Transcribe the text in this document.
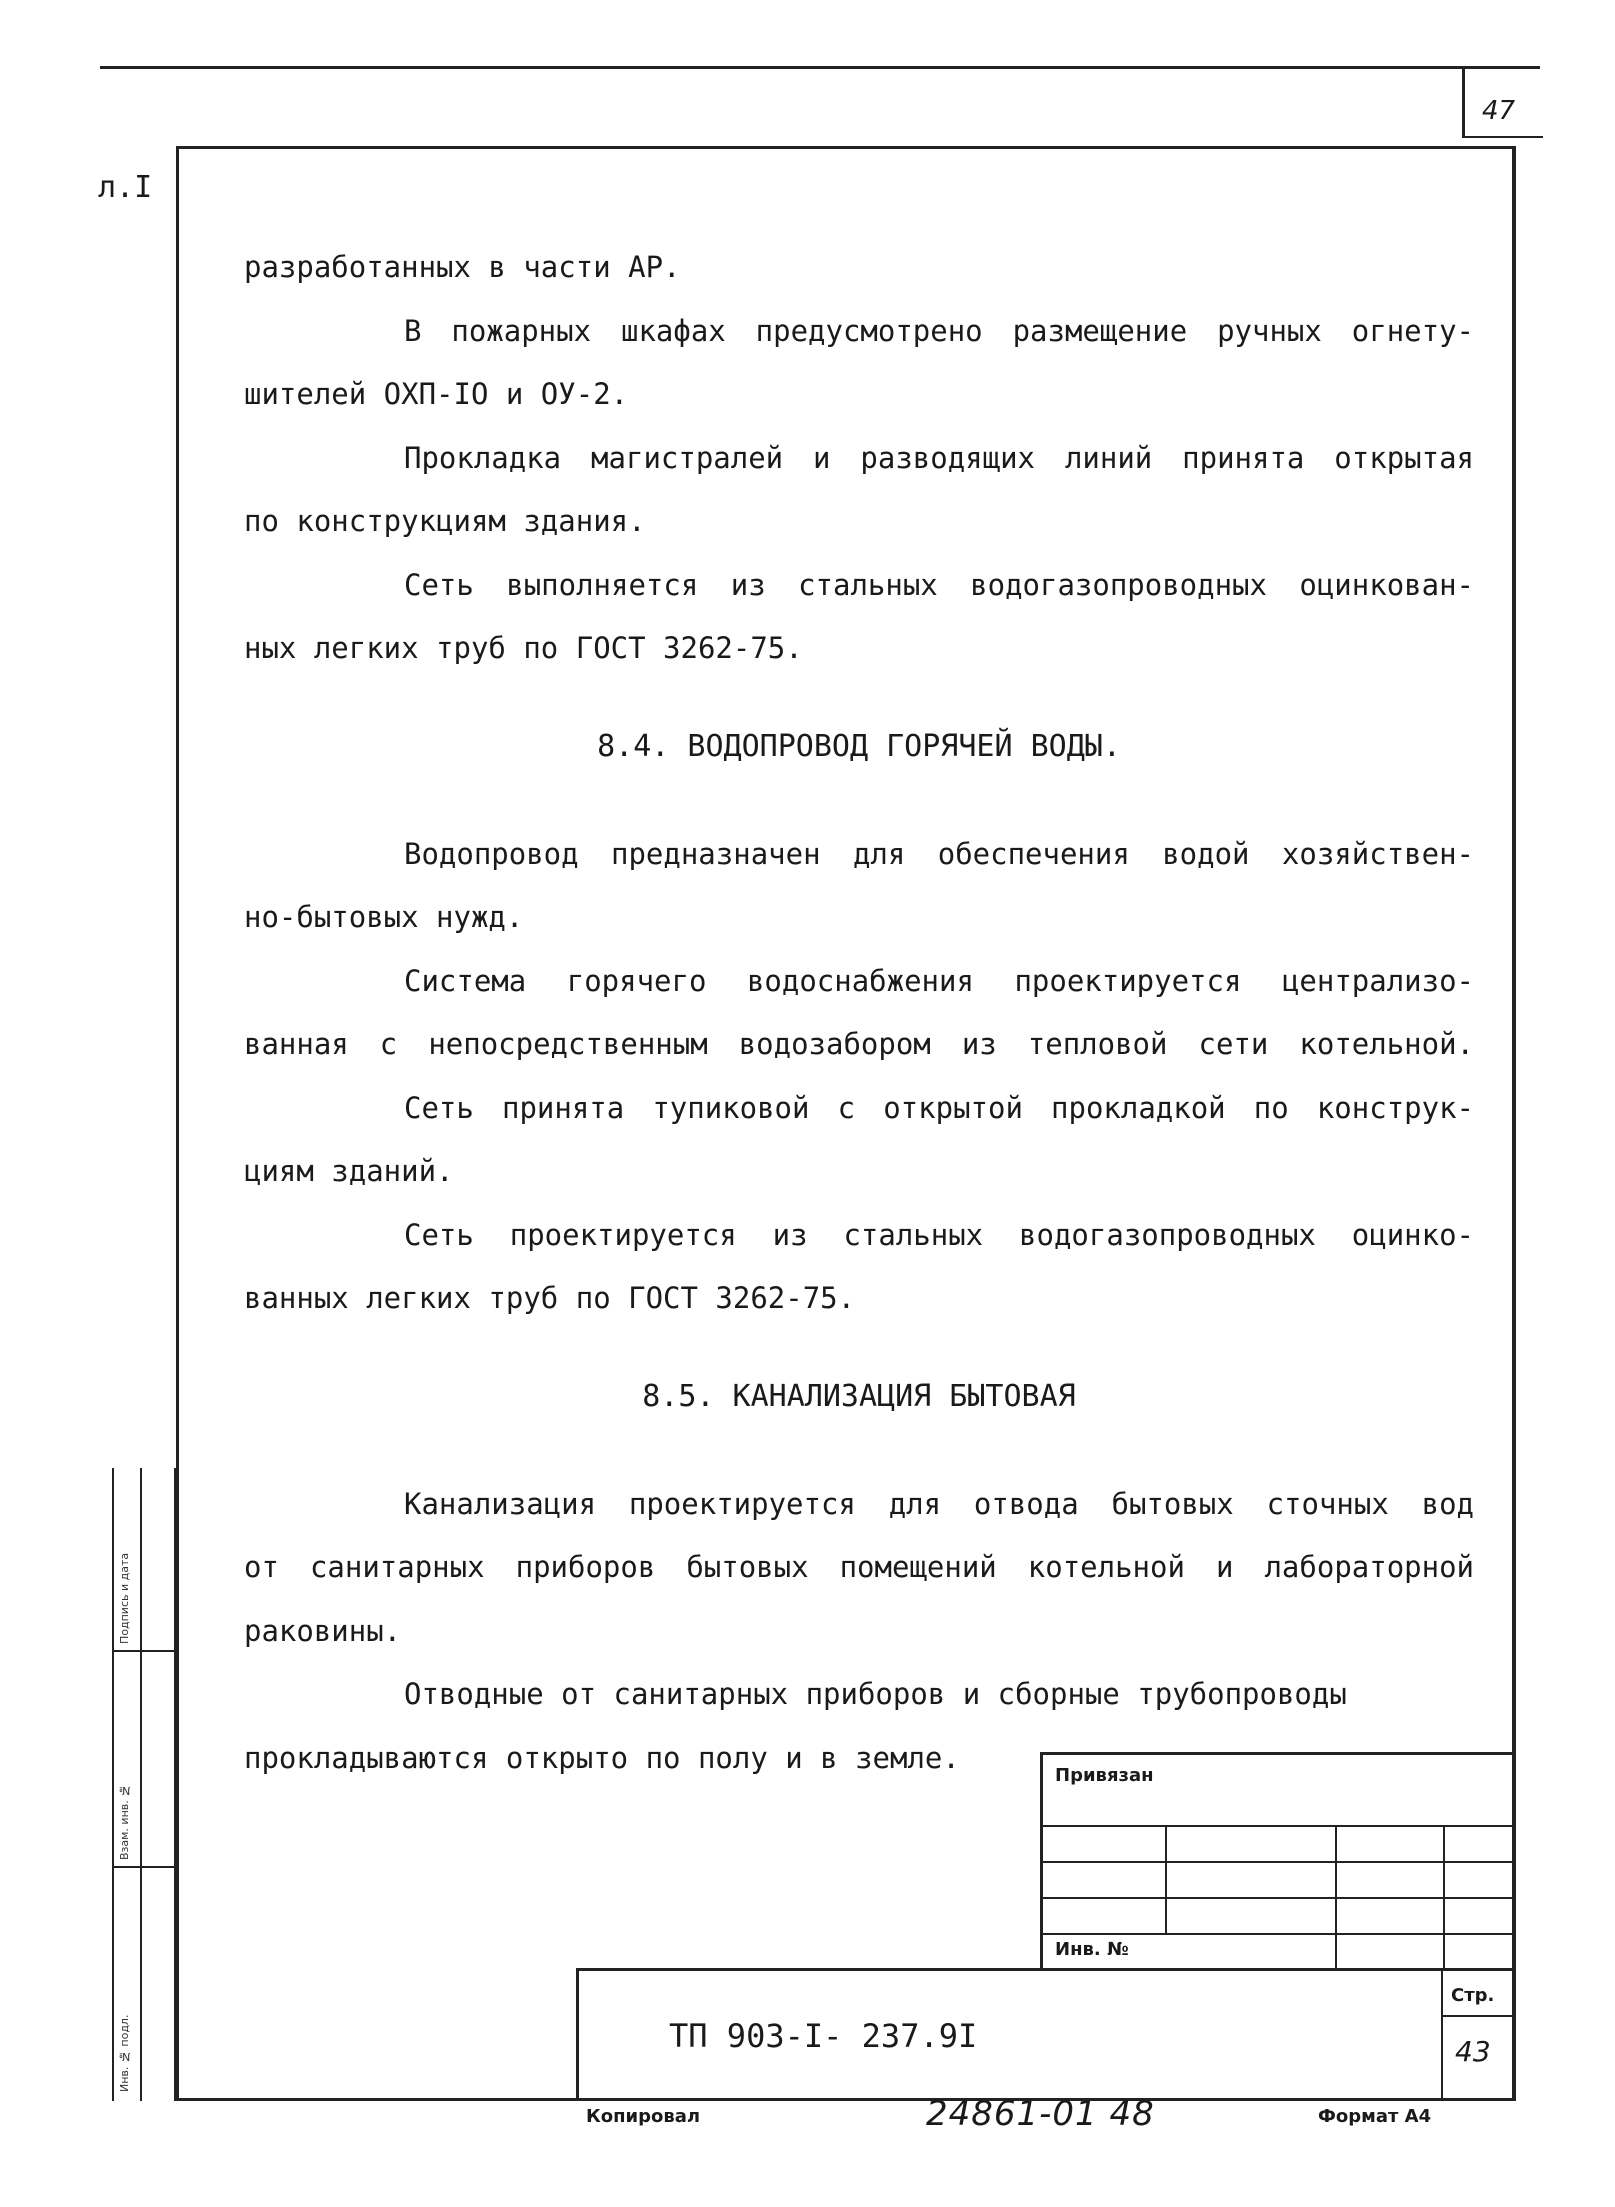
47
л.I
разработанных в части АР.
В пожарных шкафах предусмотрено размещение ручных огнету-
шителей ОХП-IO и ОУ-2.
Прокладка магистралей и разводящих линий принята открытая
по конструкциям здания.
Сеть выполняется из стальных водогазопроводных оцинкован-
ных легких труб по ГОСТ 3262-75.
8.4. ВОДОПРОВОД ГОРЯЧЕЙ ВОДЫ.
Водопровод предназначен для обеспечения водой хозяйствен-
но-бытовых нужд.
Система горячего водоснабжения проектируется централизо-
ванная с непосредственным водозабором из тепловой сети котельной.
Сеть принята тупиковой с открытой прокладкой по конструк-
циям зданий.
Сеть проектируется из стальных водогазопроводных оцинко-
ванных легких труб по ГОСТ 3262-75.
8.5. КАНАЛИЗАЦИЯ БЫТОВАЯ
Канализация проектируется для отвода бытовых сточных вод
от санитарных приборов бытовых помещений котельной и лабораторной
раковины.
Отводные от санитарных приборов и сборные трубопроводы
прокладываются открыто по полу и в земле.
Подпись и дата
Взам. инв. №
Инв. № подл.
Привязан
Инв. №
ТП 903-I- 237.9I
Стр.
43
Копировал	24861-01 48	Формат А4
